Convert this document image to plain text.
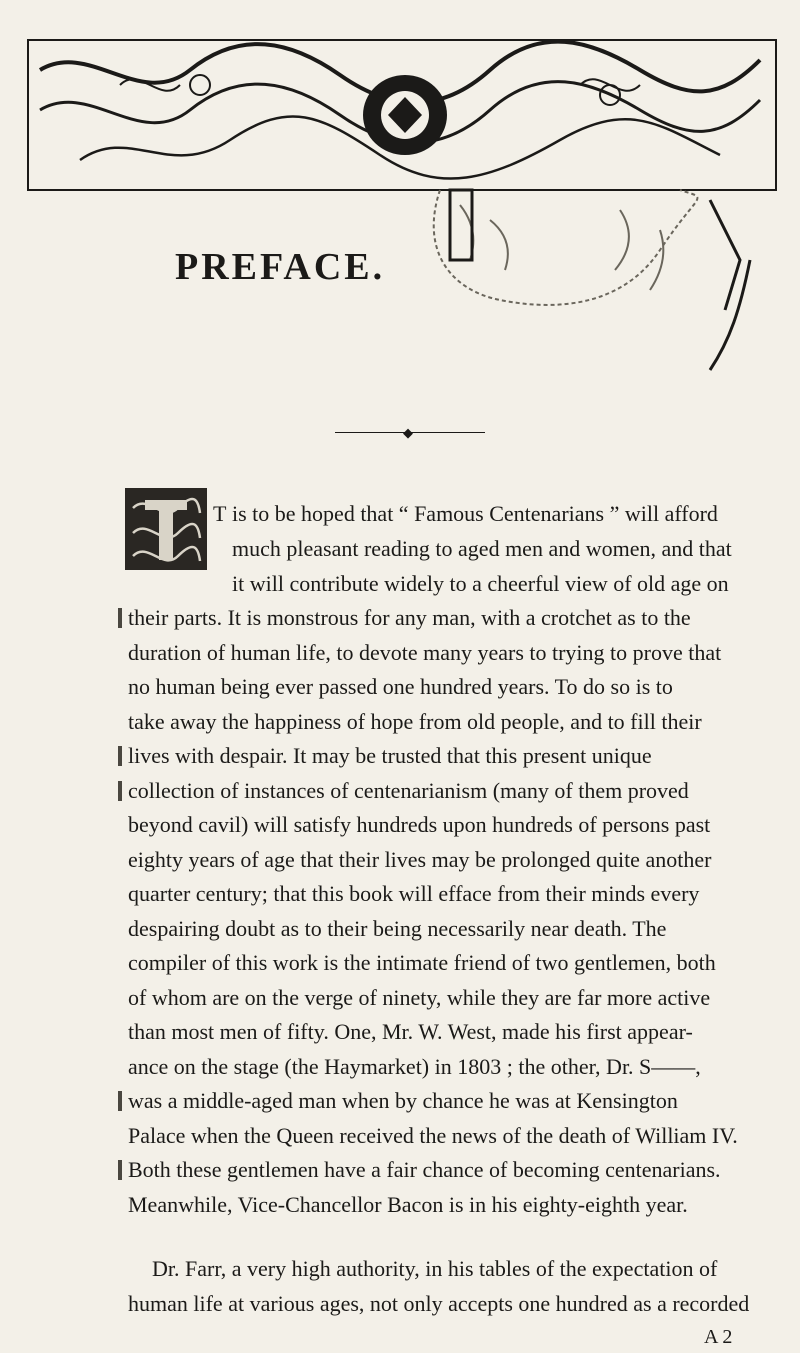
PREFACE.
◆
T is to be hoped that “ Famous Centenarians ” will afford
much pleasant reading to aged men and women, and that
it will contribute widely to a cheerful view of old age on
their parts. It is monstrous for any man, with a crotchet as to the
duration of human life, to devote many years to trying to prove that
no human being ever passed one hundred years. To do so is to
take away the happiness of hope from old people, and to fill their
lives with despair. It may be trusted that this present unique
collection of instances of centenarianism (many of them proved
beyond cavil) will satisfy hundreds upon hundreds of persons past
eighty years of age that their lives may be prolonged quite another
quarter century; that this book will efface from their minds every
despairing doubt as to their being necessarily near death. The
compiler of this work is the intimate friend of two gentlemen, both
of whom are on the verge of ninety, while they are far more active
than most men of fifty. One, Mr. W. West, made his first appear-
ance on the stage (the Haymarket) in 1803 ; the other, Dr. S——,
was a middle-aged man when by chance he was at Kensington
Palace when the Queen received the news of the death of William IV.
Both these gentlemen have a fair chance of becoming centenarians.
Meanwhile, Vice-Chancellor Bacon is in his eighty-eighth year.
Dr. Farr, a very high authority, in his tables of the expectation of
human life at various ages, not only accepts one hundred as a recorded
A 2
